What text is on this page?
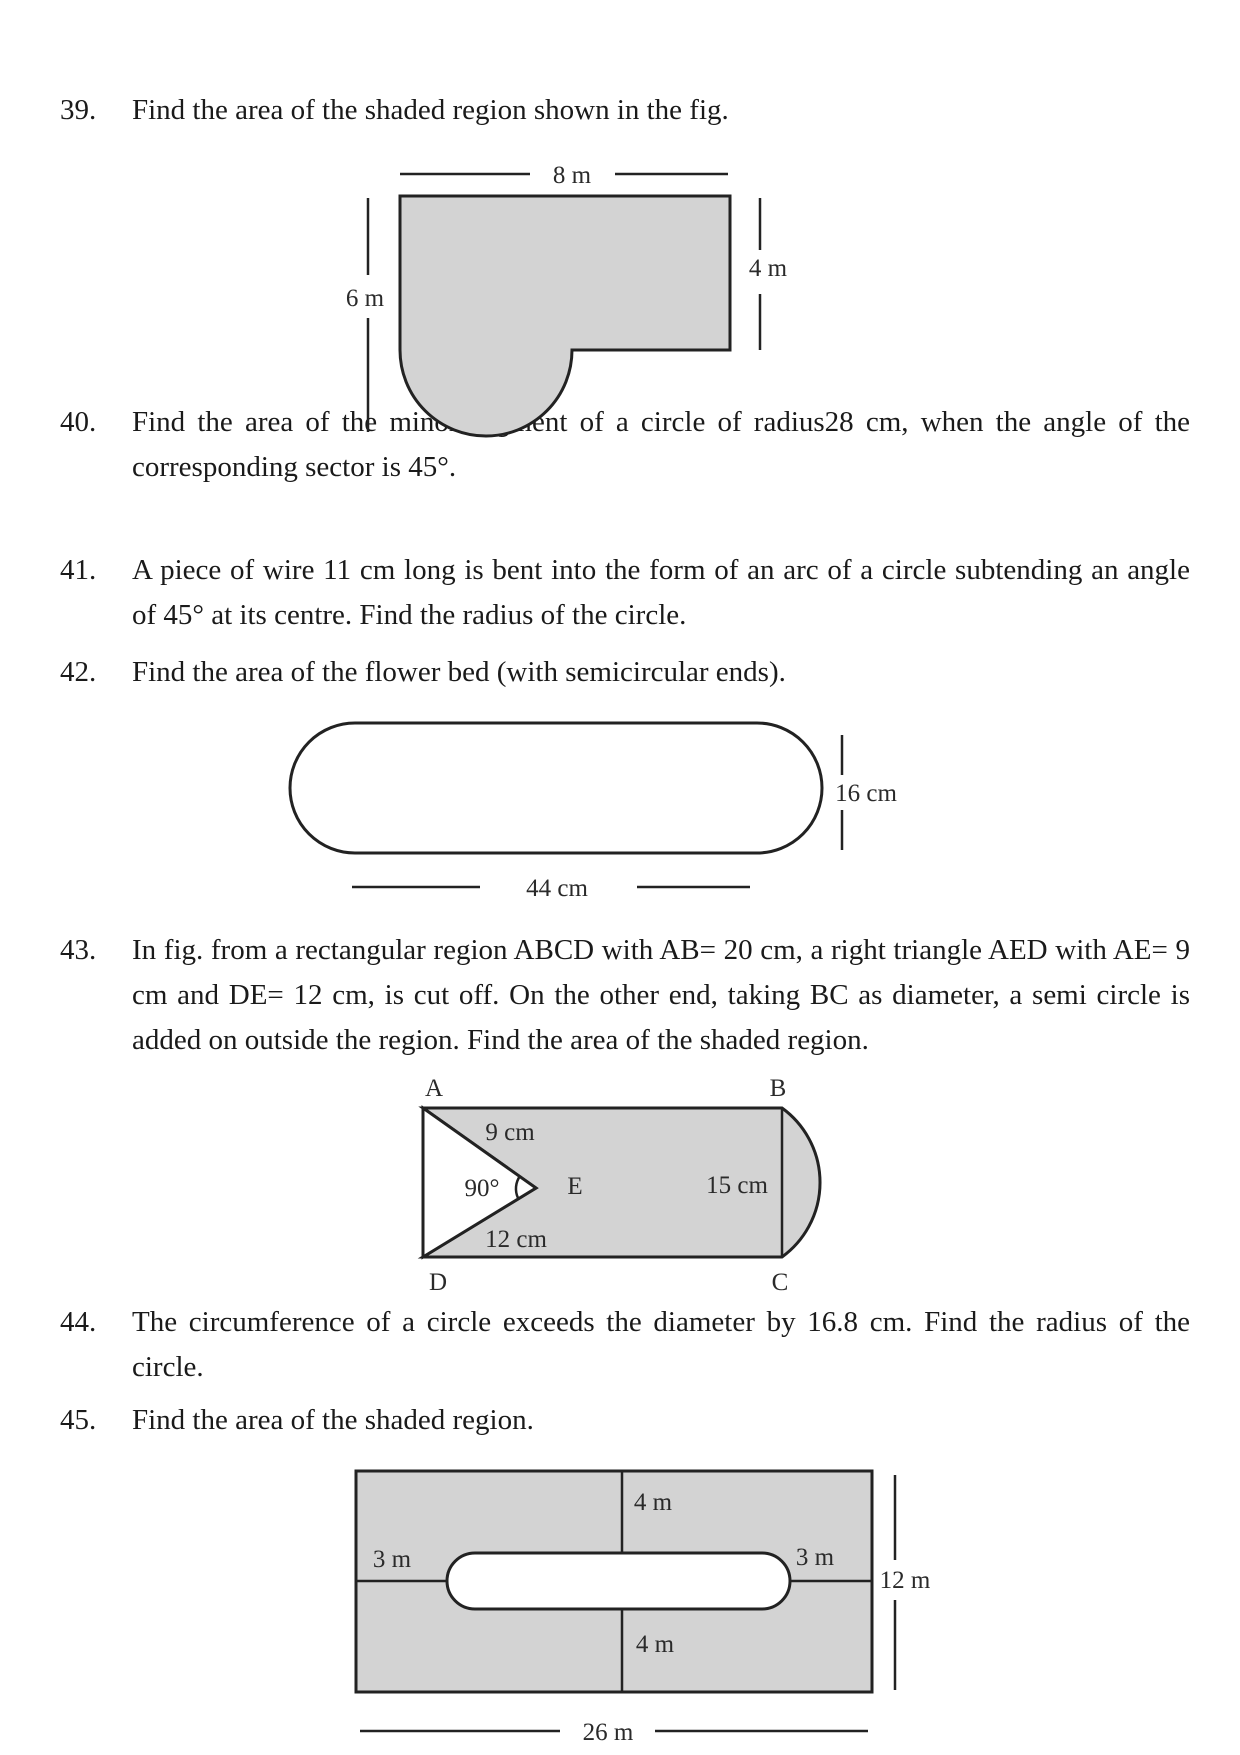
39. Find the area of the shaded region shown in the fig.
40. Find the area of the minor segment of a circle of radius28 cm, when the angle of the corresponding sector is 45°.
41. A piece of wire 11 cm long is bent into the form of an arc of a circle subtending an angle of 45° at its centre. Find the radius of the circle.
42. Find the area of the flower bed (with semicircular ends).
43. In fig. from a rectangular region ABCD with AB= 20 cm, a right triangle AED with AE= 9 cm and DE= 12 cm, is cut off. On the other end, taking BC as diameter, a semi circle is added on outside the region. Find the area of the shaded region.
44. The circumference of a circle exceeds the diameter by 16.8 cm. Find the radius of the circle.
45. Find the area of the shaded region.
8 m
6 m
4 m
16 cm
44 cm
A	B
C
D
E
9 cm
12 cm
90°	15 cm
4 m
4 m
3 m	3 m
12 m
26 m
